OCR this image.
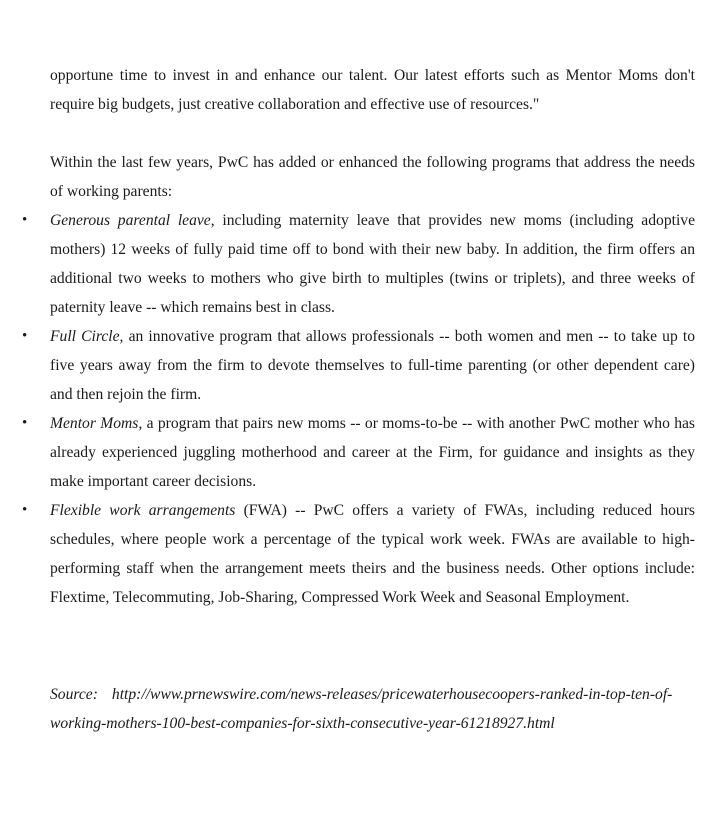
opportune time to invest in and enhance our talent. Our latest efforts such as Mentor Moms don't require big budgets, just creative collaboration and effective use of resources."

Within the last few years, PwC has added or enhanced the following programs that address the needs of working parents:

• Generous parental leave, including maternity leave that provides new moms (including adoptive mothers) 12 weeks of fully paid time off to bond with their new baby. In addition, the firm offers an additional two weeks to mothers who give birth to multiples (twins or triplets), and three weeks of paternity leave -- which remains best in class.
• Full Circle, an innovative program that allows professionals -- both women and men -- to take up to five years away from the firm to devote themselves to full-time parenting (or other dependent care) and then rejoin the firm.
• Mentor Moms, a program that pairs new moms -- or moms-to-be -- with another PwC mother who has already experienced juggling motherhood and career at the Firm, for guidance and insights as they make important career decisions.
• Flexible work arrangements (FWA) -- PwC offers a variety of FWAs, including reduced hours schedules, where people work a percentage of the typical work week. FWAs are available to high-performing staff when the arrangement meets theirs and the business needs. Other options include: Flextime, Telecommuting, Job-Sharing, Compressed Work Week and Seasonal Employment.

Source: http://www.prnewswire.com/news-releases/pricewaterhousecoopers-ranked-in-top-ten-of-working-mothers-100-best-companies-for-sixth-consecutive-year-61218927.html
